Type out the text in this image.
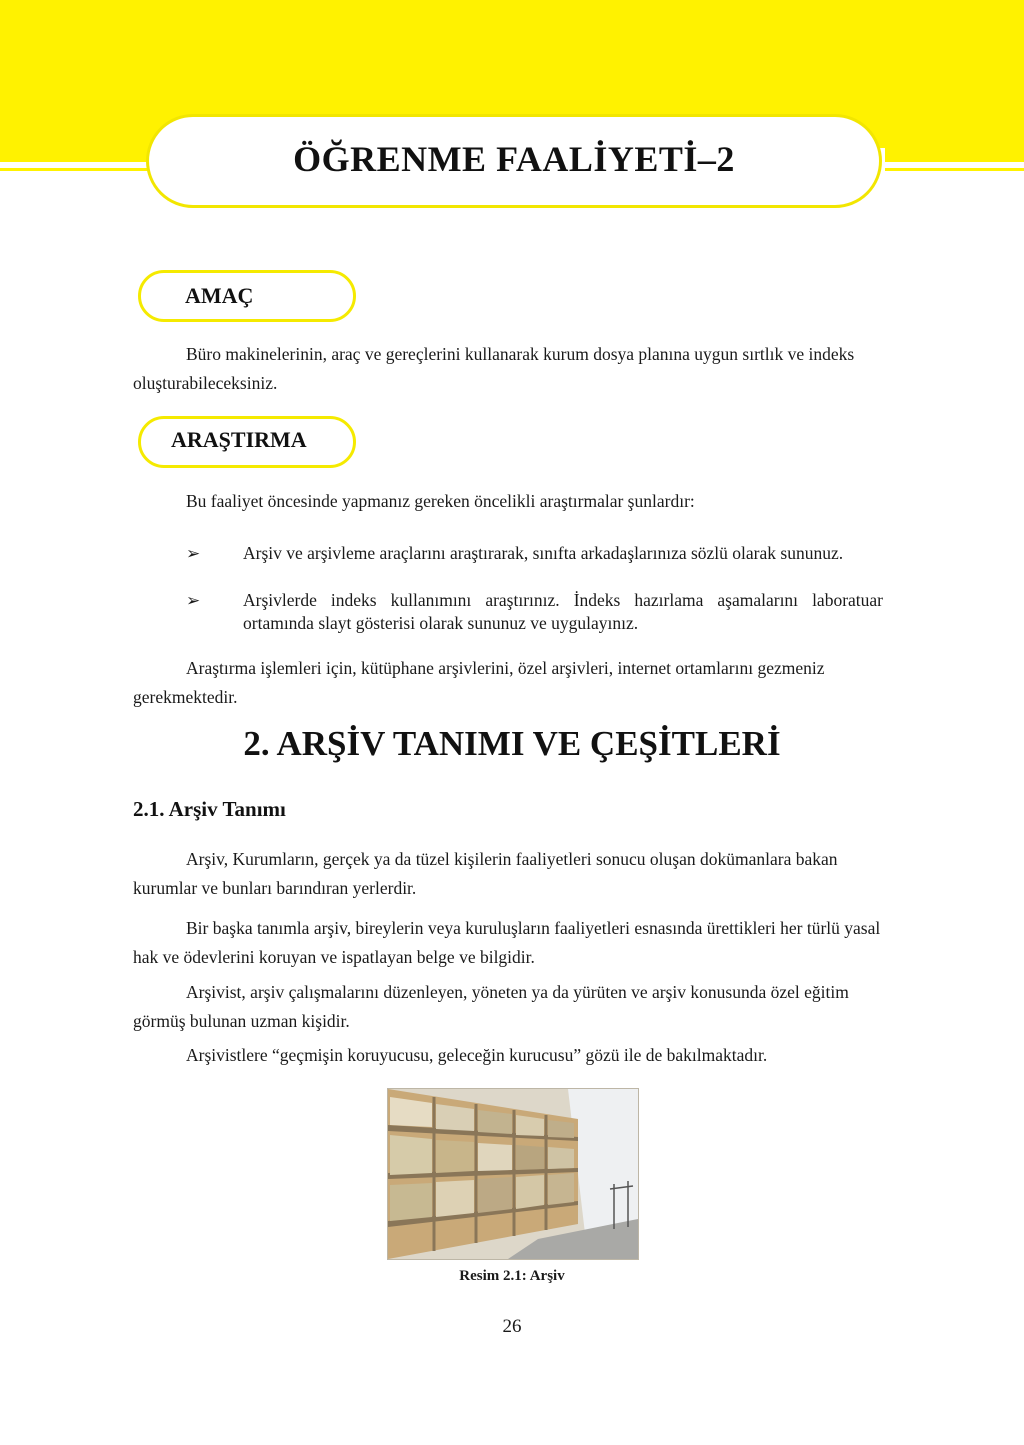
ÖĞRENME FAALİYETİ–2
AMAÇ

Büro makinelerinin, araç ve gereçlerini kullanarak kurum dosya planına uygun sırtlık ve indeks oluşturabileceksiniz.

ARAŞTIRMA

Bu faaliyet öncesinde yapmanız gereken öncelikli araştırmalar şunlardır:

➢ Arşiv ve arşivleme araçlarını araştırarak, sınıfta arkadaşlarınıza sözlü olarak sununuz.
➢ Arşivlerde indeks kullanımını araştırınız. İndeks hazırlama aşamalarını laboratuar ortamında slayt gösterisi olarak sununuz ve uygulayınız.

Araştırma işlemleri için, kütüphane arşivlerini, özel arşivleri, internet ortamlarını gezmeniz gerekmektedir.

2. ARŞİV TANIMI VE ÇEŞİTLERİ
2.1. Arşiv Tanımı

Arşiv, Kurumların, gerçek ya da tüzel kişilerin faaliyetleri sonucu oluşan dokümanlara bakan kurumlar ve bunları barındıran yerlerdir.

Bir başka tanımla arşiv, bireylerin veya kuruluşların faaliyetleri esnasında ürettikleri her türlü yasal hak ve ödevlerini koruyan ve ispatlayan belge ve bilgidir.

Arşivist, arşiv çalışmalarını düzenleyen, yöneten ya da yürüten ve arşiv konusunda özel eğitim görmüş bulunan uzman kişidir.

Arşivistlere “geçmişin koruyucusu, geleceğin kurucusu” gözü ile de bakılmaktadır.

Resim 2.1: Arşiv
26
